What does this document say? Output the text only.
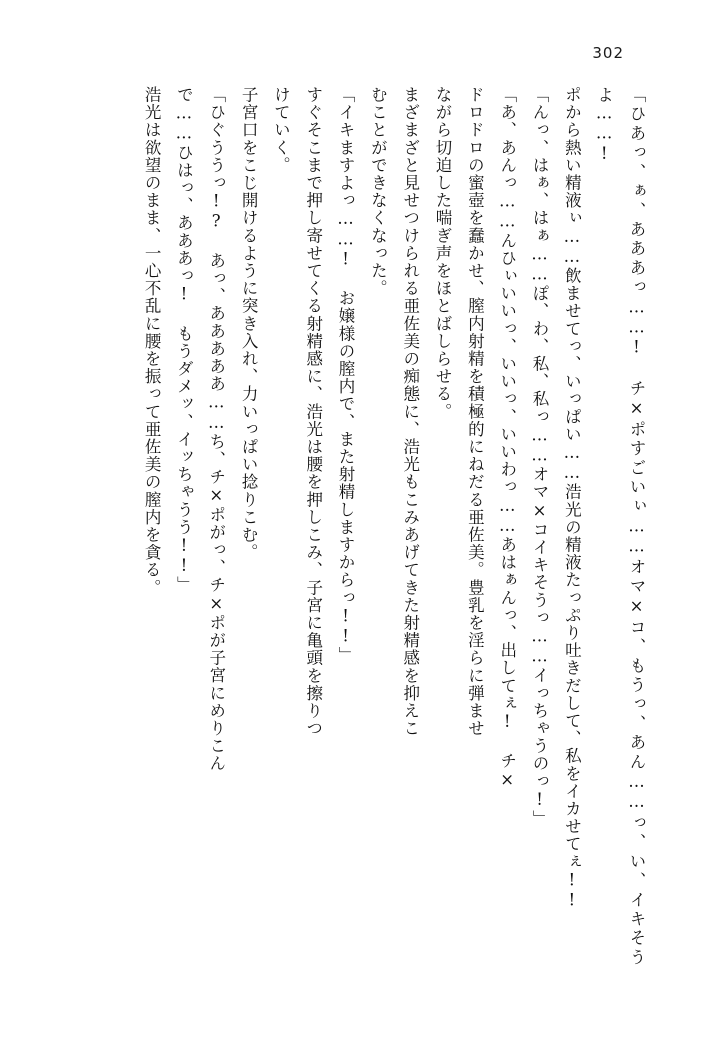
302
「ひあっ、ぁ、あああっ……! チ×ポすごいぃ……オマ×コ、もうっ、あん……っ、い、イキそうよ……!
ポから熱い精液ぃ……飲ませてっ、いっぱい……浩光の精液たっぷり吐きだして、私をイカせてぇ!!
「んっ、はぁ、はぁ……ぽ、わ、私、私っ……オマ×コイキそうっ……イっちゃうのっ!」
「あ、あんっ……んひぃいいっ、いいっ、いいわっ……あはぁんっ、出してぇ! チ×
ドロドロの蜜壺を蠢かせ、膣内射精を積極的にねだる亜佐美。豊乳を淫らに弾ませ
ながら切迫した喘ぎ声をほとばしらせる。
まざまざと見せつけられる亜佐美の痴態に、浩光もこみあげてきた射精感を抑えこ
むことができなくなった。
「イキますよっ……! お嬢様の膣内で、また射精しますからっ!!」
すぐそこまで押し寄せてくる射精感に、浩光は腰を押しこみ、子宮に亀頭を擦りつ
けていく。
子宮口をこじ開けるように突き入れ、力いっぱい捻りこむ。
「ひぐううっ!? あっ、あああああ……ち、チ×ポがっ、チ×ポが子宮にめりこん
で……ひはっ、あああっ! もうダメッ、イッちゃうう!!」
浩光は欲望のまま、一心不乱に腰を振って亜佐美の膣内を貪る。
